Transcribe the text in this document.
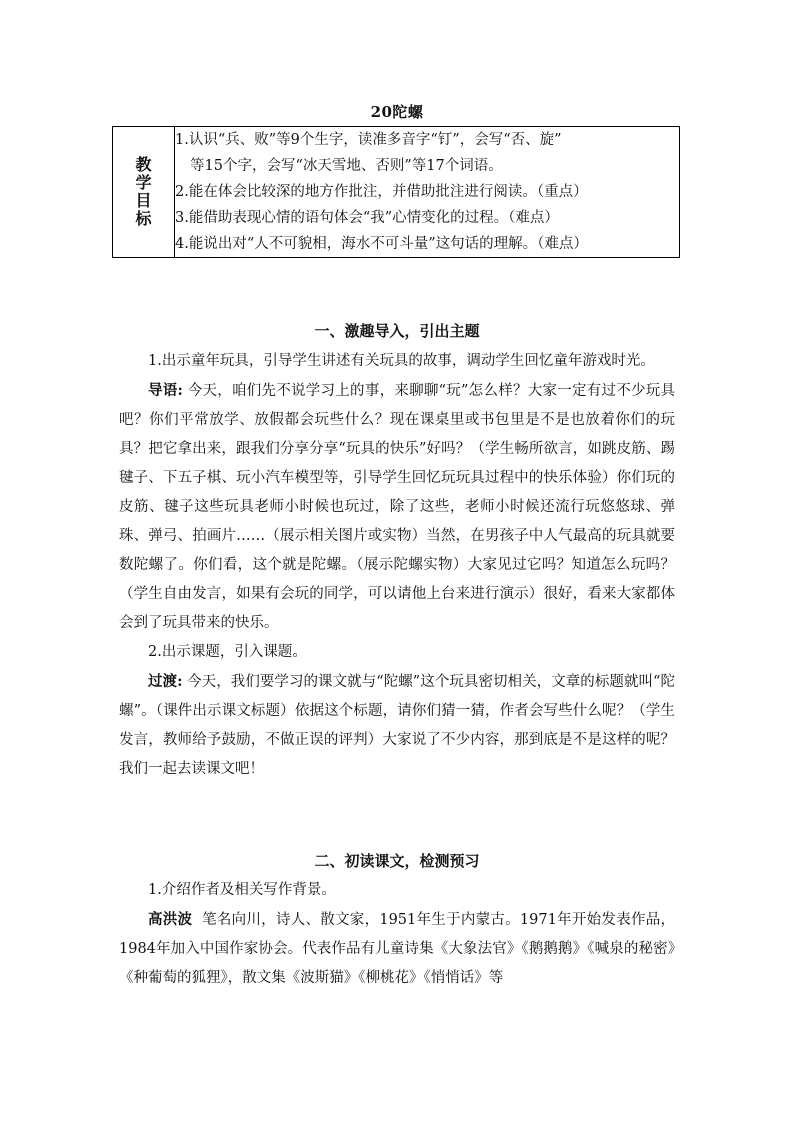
20陀螺
教学目标	
1.认识“兵、败”等9个生字，读准多音字“钉”，会写“否、旋”
等15个字，会写“冰天雪地、否则”等17个词语。
2.能在体会比较深的地方作批注，并借助批注进行阅读。（重点）
3.能借助表现心情的语句体会“我”心情变化的过程。（难点）
4.能说出对“人不可貌相，海水不可斗量”这句话的理解。（难点）
一、激趣导入，引出主题

1.出示童年玩具，引导学生讲述有关玩具的故事，调动学生回忆童年游戏时光。

导语: 今天，咱们先不说学习上的事，来聊聊“玩”怎么样？大家一定有过不少玩具吧？你们平常放学、放假都会玩些什么？现在课桌里或书包里是不是也放着你们的玩具？把它拿出来，跟我们分享分享“玩具的快乐”好吗？（学生畅所欲言，如跳皮筋、踢毽子、下五子棋、玩小汽车模型等，引导学生回忆玩玩具过程中的快乐体验）你们玩的皮筋、毽子这些玩具老师小时候也玩过，除了这些，老师小时候还流行玩悠悠球、弹珠、弹弓、拍画片……（展示相关图片或实物）当然，在男孩子中人气最高的玩具就要数陀螺了。你们看，这个就是陀螺。（展示陀螺实物）大家见过它吗？知道怎么玩吗？（学生自由发言，如果有会玩的同学，可以请他上台来进行演示）很好，看来大家都体会到了玩具带来的快乐。

2.出示课题，引入课题。

过渡: 今天，我们要学习的课文就与“陀螺”这个玩具密切相关，文章的标题就叫“陀螺”。（课件出示课文标题）依据这个标题，请你们猜一猜，作者会写些什么呢？（学生发言，教师给予鼓励，不做正误的评判）大家说了不少内容，那到底是不是这样的呢？我们一起去读课文吧！

二、初读课文，检测预习

1.介绍作者及相关写作背景。

高洪波 笔名向川，诗人、散文家，1951年生于内蒙古。1971年开始发表作品，1984年加入中国作家协会。代表作品有儿童诗集《大象法官》《鹅鹅鹅》《喊泉的秘密》《种葡萄的狐狸》，散文集《波斯猫》《柳桃花》《悄悄话》等
